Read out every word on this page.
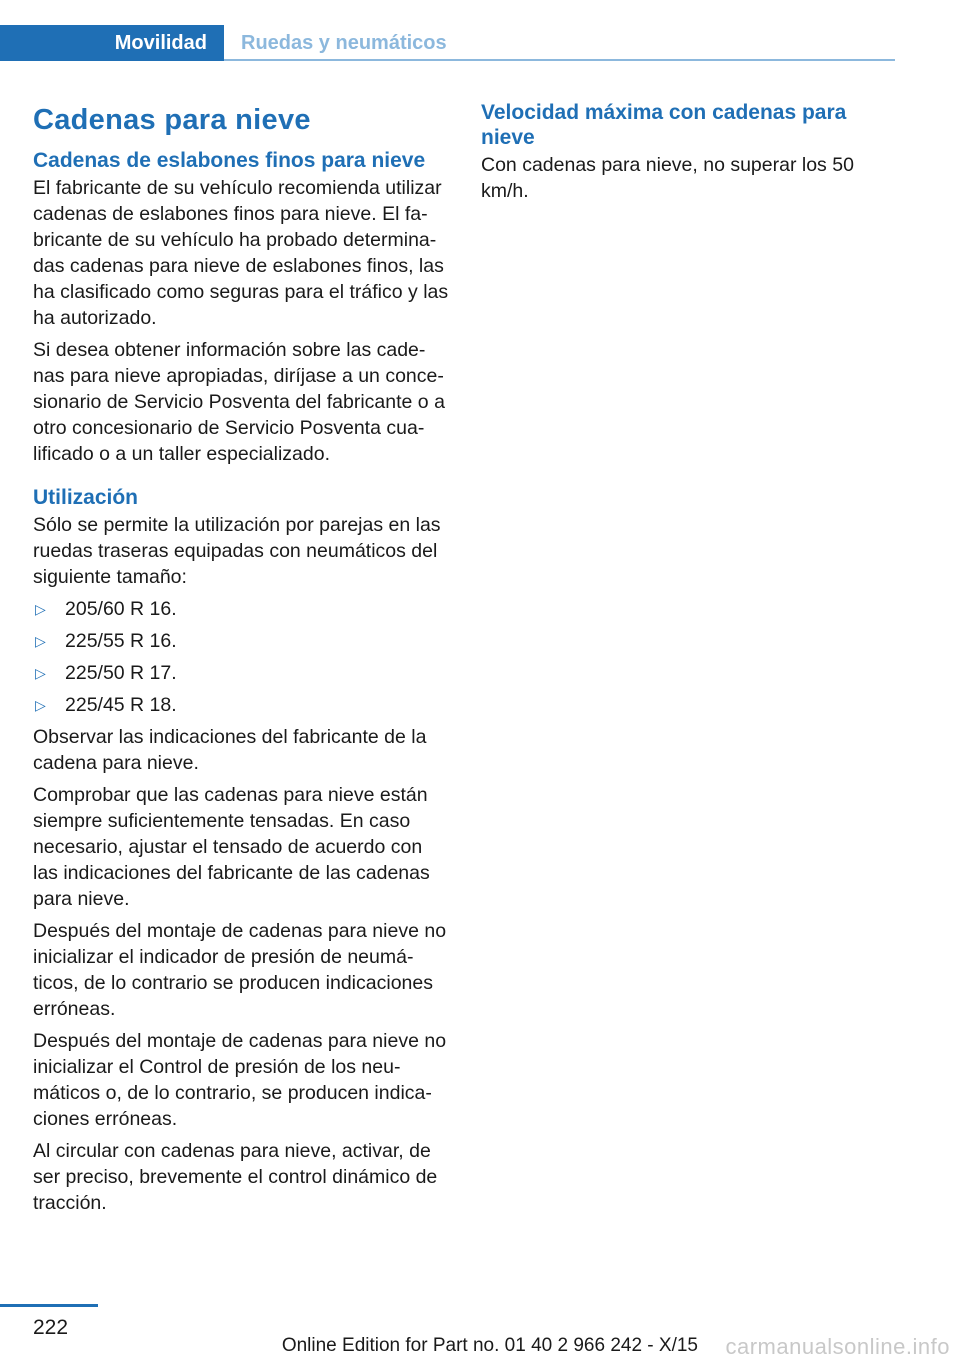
Movilidad	Ruedas y neumáticos
Cadenas para nieve
Cadenas de eslabones finos para nieve

El fabricante de su vehículo recomienda utilizar cadenas de eslabones finos para nieve. El fabricante de su vehículo ha probado determinadas cadenas para nieve de eslabones finos, las ha clasificado como seguras para el tráfico y las ha autorizado.

Si desea obtener información sobre las cadenas para nieve apropiadas, diríjase a un concesionario de Servicio Posventa del fabricante o a otro concesionario de Servicio Posventa cualificado o a un taller especializado.

Utilización

Sólo se permite la utilización por parejas en las ruedas traseras equipadas con neumáticos del siguiente tamaño:

▷ 205/60 R 16.
▷ 225/55 R 16.
▷ 225/50 R 17.
▷ 225/45 R 18.

Observar las indicaciones del fabricante de la cadena para nieve.

Comprobar que las cadenas para nieve están siempre suficientemente tensadas. En caso necesario, ajustar el tensado de acuerdo con las indicaciones del fabricante de las cadenas para nieve.

Después del montaje de cadenas para nieve no inicializar el indicador de presión de neumáticos, de lo contrario se producen indicaciones erróneas.

Después del montaje de cadenas para nieve no inicializar el Control de presión de los neumáticos o, de lo contrario, se producen indicaciones erróneas.

Al circular con cadenas para nieve, activar, de ser preciso, brevemente el control dinámico de tracción.

Velocidad máxima con cadenas para nieve

Con cadenas para nieve, no superar los 50 km/h.

222
Online Edition for Part no. 01 40 2 966 242 - X/15 carmanualsonline.info
